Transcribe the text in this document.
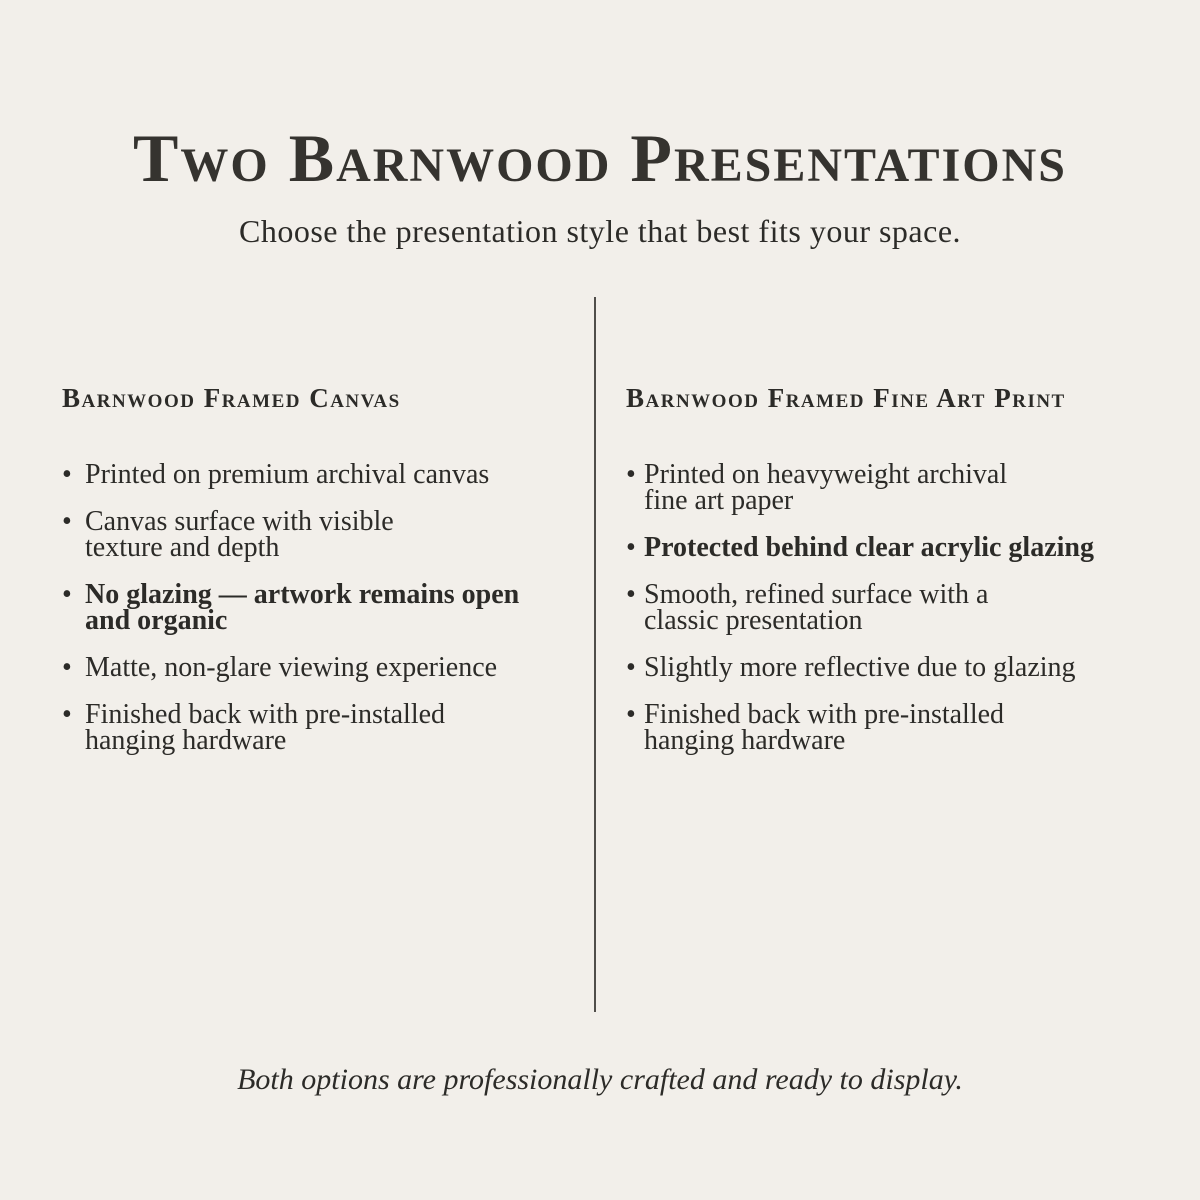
Two Barnwood Presentations

Choose the presentation style that best fits your space.

Barnwood Framed Canvas
• Printed on premium archival canvas
• Canvas surface with visible
texture and depth
• No glazing — artwork remains open
and organic
• Matte, non-glare viewing experience
• Finished back with pre-installed
hanging hardware
Barnwood Framed Fine Art Print
• Printed on heavyweight archival
fine art paper
• Protected behind clear acrylic glazing
• Smooth, refined surface with a
classic presentation
• Slightly more reflective due to glazing
• Finished back with pre-installed
hanging hardware

Both options are professionally crafted and ready to display.
